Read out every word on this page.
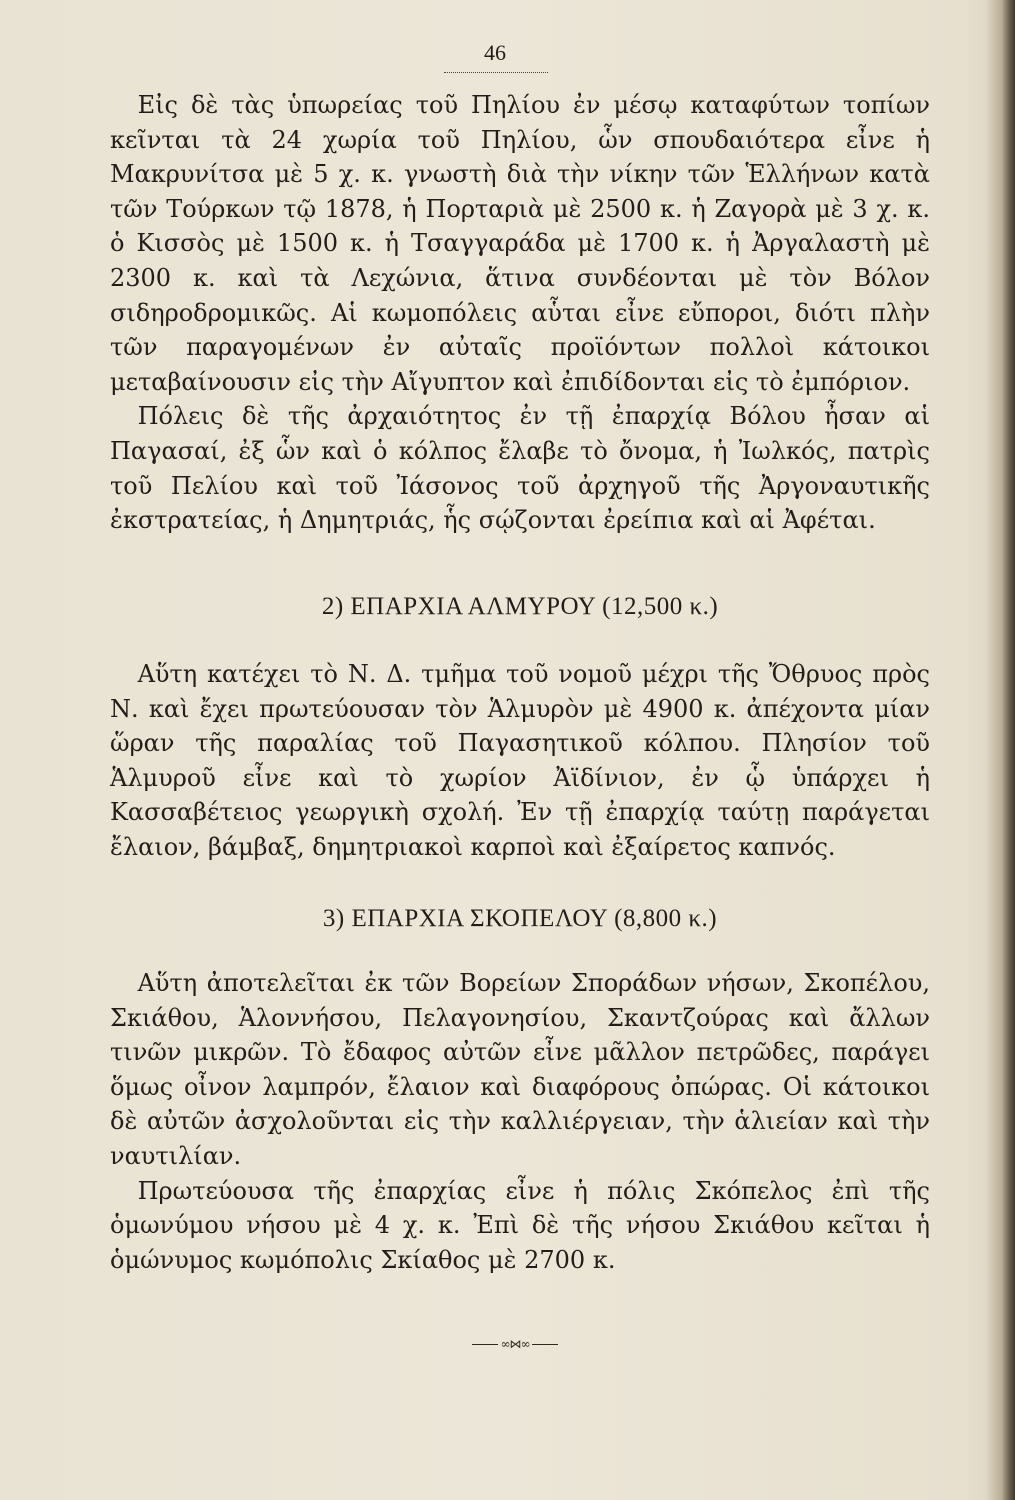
46

Εἰς δὲ τὰς ὑπωρείας τοῦ Πηλίου ἐν μέσῳ καταφύτων τοπίων κεῖνται τὰ 24 χωρία τοῦ Πηλίου, ὧν σπουδαιότερα εἶνε ἡ Μακρυνίτσα μὲ 5 χ. κ. γνωστὴ διὰ τὴν νίκην τῶν Ἑλλήνων κατὰ τῶν Τούρκων τῷ 1878, ἡ Πορταριὰ μὲ 2500 κ. ἡ Ζαγορὰ μὲ 3 χ. κ. ὁ Κισσὸς μὲ 1500 κ. ἡ Τσαγγαράδα μὲ 1700 κ. ἡ Ἀργαλαστὴ μὲ 2300 κ. καὶ τὰ Λεχώνια, ἅτινα συνδέονται μὲ τὸν Βόλον σιδηροδρομικῶς. Αἱ κωμοπόλεις αὗται εἶνε εὔποροι, διότι πλὴν τῶν παραγομένων ἐν αὐταῖς προϊόντων πολλοὶ κάτοικοι μεταβαίνουσιν εἰς τὴν Αἴγυπτον καὶ ἐπιδίδονται εἰς τὸ ἐμπόριον.

Πόλεις δὲ τῆς ἀρχαιότητος ἐν τῇ ἐπαρχίᾳ Βόλου ἦσαν αἱ Παγασαί, ἐξ ὧν καὶ ὁ κόλπος ἔλαβε τὸ ὄνομα, ἡ Ἰωλκός, πατρὶς τοῦ Πελίου καὶ τοῦ Ἰάσονος τοῦ ἀρχηγοῦ τῆς Ἀργοναυτικῆς ἐκστρατείας, ἡ Δημητριάς, ἧς σῴζονται ἐρείπια καὶ αἱ Ἀφέται.

2) ΕΠΑΡΧΙΑ ΑΛΜΥΡΟΥ (12,500 κ.)

Αὕτη κατέχει τὸ Ν. Δ. τμῆμα τοῦ νομοῦ μέχρι τῆς Ὄθρυος πρὸς Ν. καὶ ἔχει πρωτεύουσαν τὸν Ἁλμυρὸν μὲ 4900 κ. ἀπέχοντα μίαν ὥραν τῆς παραλίας τοῦ Παγασητικοῦ κόλπου. Πλησίον τοῦ Ἁλμυροῦ εἶνε καὶ τὸ χωρίον Ἀϊδίνιον, ἐν ᾧ ὑπάρχει ἡ Κασσαβέτειος γεωργικὴ σχολή. Ἐν τῇ ἐπαρχίᾳ ταύτῃ παράγεται ἔλαιον, βάμβαξ, δημητριακοὶ καρποὶ καὶ ἐξαίρετος καπνός.

3) ΕΠΑΡΧΙΑ ΣΚΟΠΕΛΟΥ (8,800 κ.)

Αὕτη ἀποτελεῖται ἐκ τῶν Βορείων Σποράδων νήσων, Σκοπέλου, Σκιάθου, Ἁλοννήσου, Πελαγονησίου, Σκαντζούρας καὶ ἄλλων τινῶν μικρῶν. Τὸ ἔδαφος αὐτῶν εἶνε μᾶλλον πετρῶδες, παράγει ὅμως οἶνον λαμπρόν, ἔλαιον καὶ διαφόρους ὀπώρας. Οἱ κάτοικοι δὲ αὐτῶν ἀσχολοῦνται εἰς τὴν καλλιέργειαν, τὴν ἁλιείαν καὶ τὴν ναυτιλίαν.

Πρωτεύουσα τῆς ἐπαρχίας εἶνε ἡ πόλις Σκόπελος ἐπὶ τῆς ὁμωνύμου νήσου μὲ 4 χ. κ. Ἐπὶ δὲ τῆς νήσου Σκιάθου κεῖται ἡ ὁμώνυμος κωμόπολις Σκίαθος μὲ 2700 κ.

∞⋈∞
